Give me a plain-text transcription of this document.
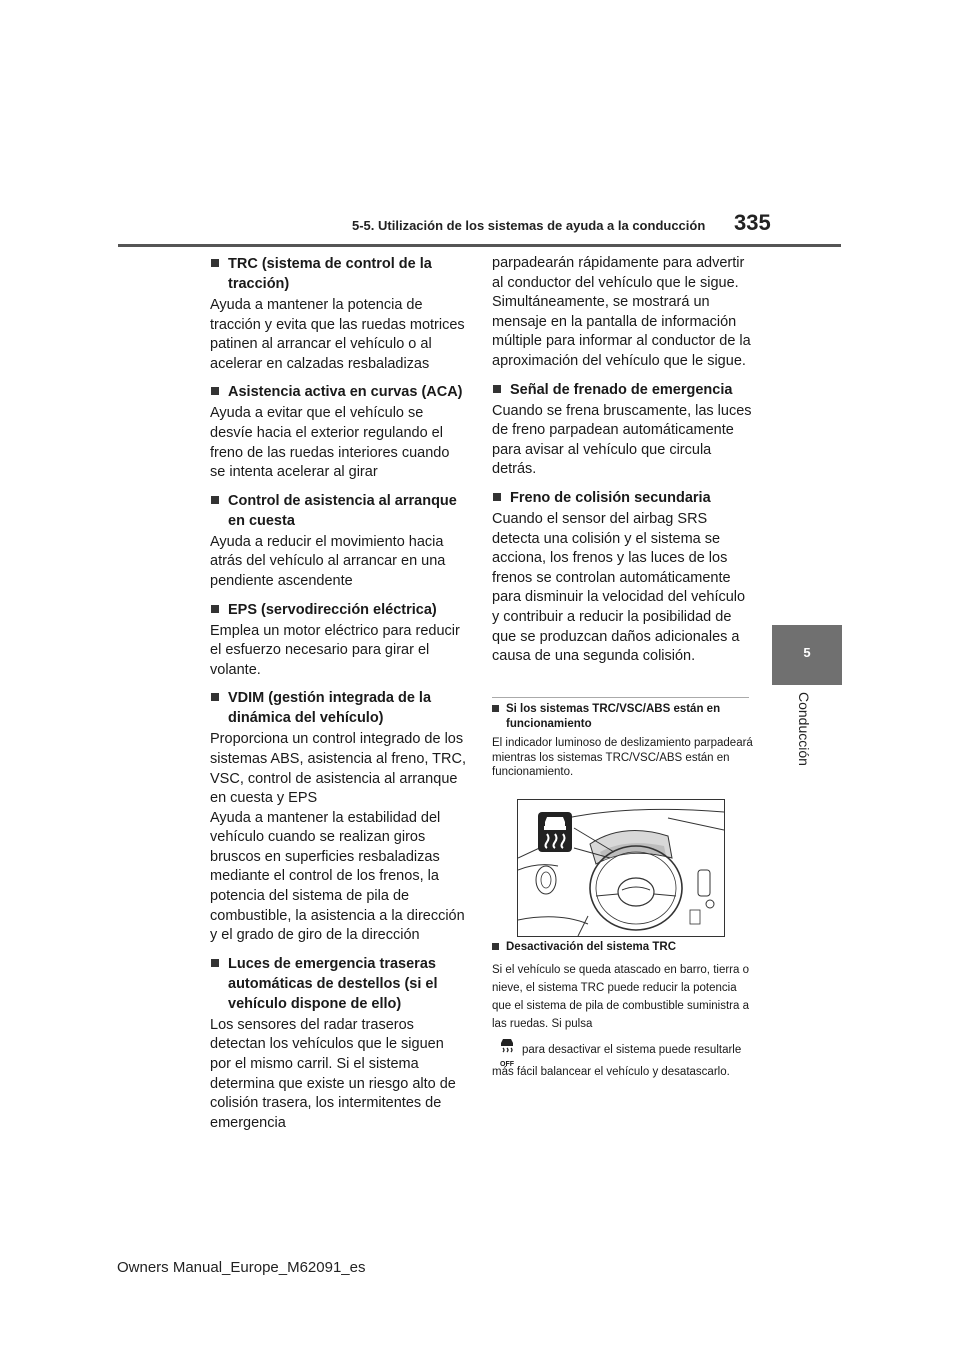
5-5. Utilización de los sistemas de ayuda a la conducción 335
5
Conducción
TRC (sistema de control de la tracción)

Ayuda a mantener la potencia de tracción y evita que las ruedas motrices patinen al arrancar el vehículo o al acelerar en calzadas resbaladizas

Asistencia activa en curvas (ACA)

Ayuda a evitar que el vehículo se desvíe hacia el exterior regulando el freno de las ruedas interiores cuando se intenta acelerar al girar

Control de asistencia al arranque en cuesta

Ayuda a reducir el movimiento hacia atrás del vehículo al arrancar en una pendiente ascendente

EPS (servodirección eléctrica)

Emplea un motor eléctrico para reducir el esfuerzo necesario para girar el volante.

VDIM (gestión integrada de la dinámica del vehículo)

Proporciona un control integrado de los sistemas ABS, asistencia al freno, TRC, VSC, control de asistencia al arranque en cuesta y EPS

Ayuda a mantener la estabilidad del vehículo cuando se realizan giros bruscos en superficies resbaladizas mediante el control de los frenos, la potencia del sistema de pila de combustible, la asistencia a la dirección y el grado de giro de la dirección

Luces de emergencia traseras automáticas de destellos (si el vehículo dispone de ello)

Los sensores del radar traseros detectan los vehículos que le siguen por el mismo carril. Si el sistema determina que existe un riesgo alto de colisión trasera, los intermitentes de emergencia

parpadearán rápidamente para advertir al conductor del vehículo que le sigue. Simultáneamente, se mostrará un mensaje en la pantalla de información múltiple para informar al conductor de la aproximación del vehículo que le sigue.

Señal de frenado de emergencia

Cuando se frena bruscamente, las luces de freno parpadean automáticamente para avisar al vehículo que circula detrás.

Freno de colisión secundaria

Cuando el sensor del airbag SRS detecta una colisión y el sistema se acciona, los frenos y las luces de los frenos se controlan automáticamente para disminuir la velocidad del vehículo y contribuir a reducir la posibilidad de que se produzcan daños adicionales a causa de una segunda colisión.

Si los sistemas TRC/VSC/ABS están en funcionamiento

El indicador luminoso de deslizamiento parpadeará mientras los sistemas TRC/VSC/ABS están en funcionamiento.

Desactivación del sistema TRC

Si el vehículo se queda atascado en barro, tierra o nieve, el sistema TRC puede reducir la potencia que el sistema de pila de combustible suministra a las ruedas. Si pulsa

OFF
para desactivar el sistema puede resultarle más fácil balancear el vehículo y desatascarlo.
Owners Manual_Europe_M62091_es
